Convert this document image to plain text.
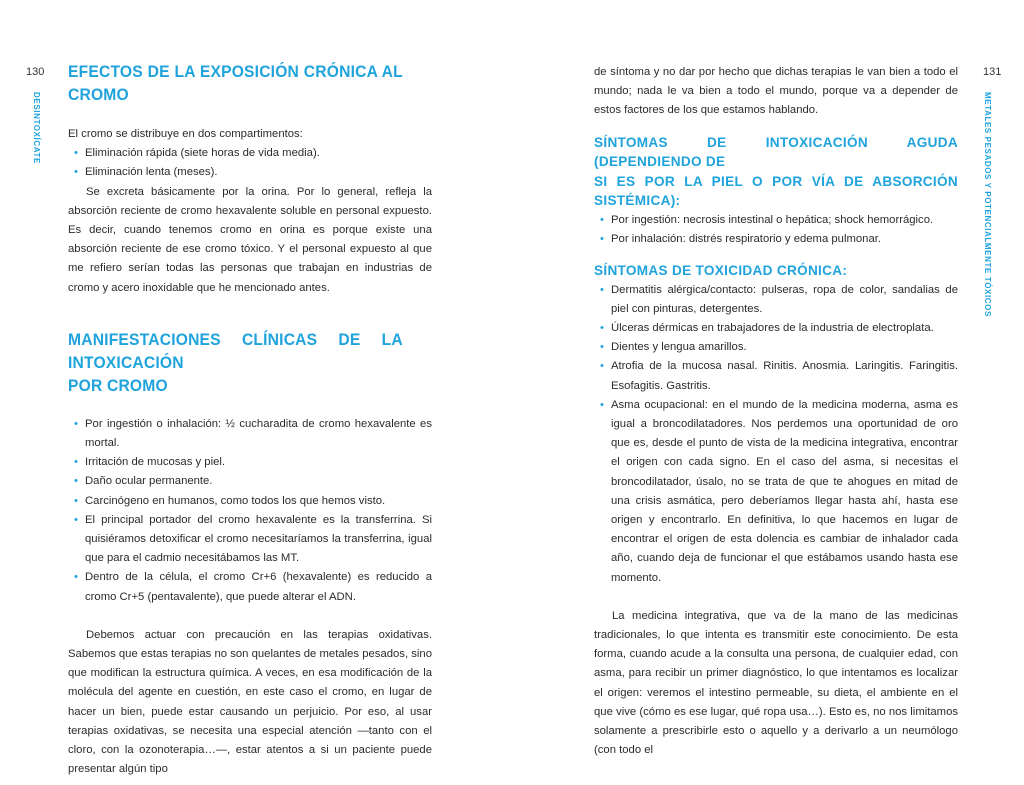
130
DESINTOXÍCATE
EFECTOS DE LA EXPOSICIÓN CRÓNICA AL CROMO

El cromo se distribuye en dos compartimentos:

• Eliminación rápida (siete horas de vida media).
• Eliminación lenta (meses).

Se excreta básicamente por la orina. Por lo general, refleja la absorción reciente de cromo hexavalente soluble en personal expuesto. Es decir, cuando tenemos cromo en orina es porque existe una absorción reciente de ese cromo tóxico. Y el personal expuesto al que me refiero serían todas las personas que trabajan en industrias de cromo y acero inoxidable que he mencionado antes.

MANIFESTACIONES CLÍNICAS DE LA INTOXICACIÓN
POR CROMO
• Por ingestión o inhalación: ½ cucharadita de cromo hexavalente es mortal.
• Irritación de mucosas y piel.
• Daño ocular permanente.
• Carcinógeno en humanos, como todos los que hemos visto.
• El principal portador del cromo hexavalente es la transferrina. Si quisiéramos detoxificar el cromo necesitaríamos la transferrina, igual que para el cadmio necesitábamos las MT.
• Dentro de la célula, el cromo Cr+6 (hexavalente) es reducido a cromo Cr+5 (pentavalente), que puede alterar el ADN.

Debemos actuar con precaución en las terapias oxidativas. Sabemos que estas terapias no son quelantes de metales pesados, sino que modifican la estructura química. A veces, en esa modificación de la molécula del agente en cuestión, en este caso el cromo, en lugar de hacer un bien, puede estar causando un perjuicio. Por eso, al usar terapias oxidativas, se necesita una especial atención —tanto con el cloro, con la ozonoterapia…—, estar atentos a si un paciente puede presentar algún tipo

131
METALES PESADOS Y POTENCIALMENTE TÓXICOS

de síntoma y no dar por hecho que dichas terapias le van bien a todo el mundo; nada le va bien a todo el mundo, porque va a depender de estos factores de los que estamos hablando.

SÍNTOMAS DE INTOXICACIÓN AGUDA (DEPENDIENDO DE
SI ES POR LA PIEL O POR VÍA DE ABSORCIÓN SISTÉMICA):
• Por ingestión: necrosis intestinal o hepática; shock hemorrágico.
• Por inhalación: distrés respiratorio y edema pulmonar.
SÍNTOMAS DE TOXICIDAD CRÓNICA:
• Dermatitis alérgica/contacto: pulseras, ropa de color, sandalias de piel con pinturas, detergentes.
• Úlceras dérmicas en trabajadores de la industria de electroplata.
• Dientes y lengua amarillos.
• Atrofia de la mucosa nasal. Rinitis. Anosmia. Laringitis. Faringitis. Esofagitis. Gastritis.
• Asma ocupacional: en el mundo de la medicina moderna, asma es igual a broncodilatadores. Nos perdemos una oportunidad de oro que es, desde el punto de vista de la medicina integrativa, encontrar el origen con cada signo. En el caso del asma, si necesitas el broncodilatador, úsalo, no se trata de que te ahogues en mitad de una crisis asmática, pero deberíamos llegar hasta ahí, hasta ese origen y encontrarlo. En definitiva, lo que hacemos en lugar de encontrar el origen de esta dolencia es cambiar de inhalador cada año, cuando deja de funcionar el que estábamos usando hasta ese momento.

La medicina integrativa, que va de la mano de las medicinas tradicionales, lo que intenta es transmitir este conocimiento. De esta forma, cuando acude a la consulta una persona, de cualquier edad, con asma, para recibir un primer diagnóstico, lo que intentamos es localizar el origen: veremos el intestino permeable, su dieta, el ambiente en el que vive (cómo es ese lugar, qué ropa usa…). Esto es, no nos limitamos solamente a prescribirle esto o aquello y a derivarlo a un neumólogo (con todo el
